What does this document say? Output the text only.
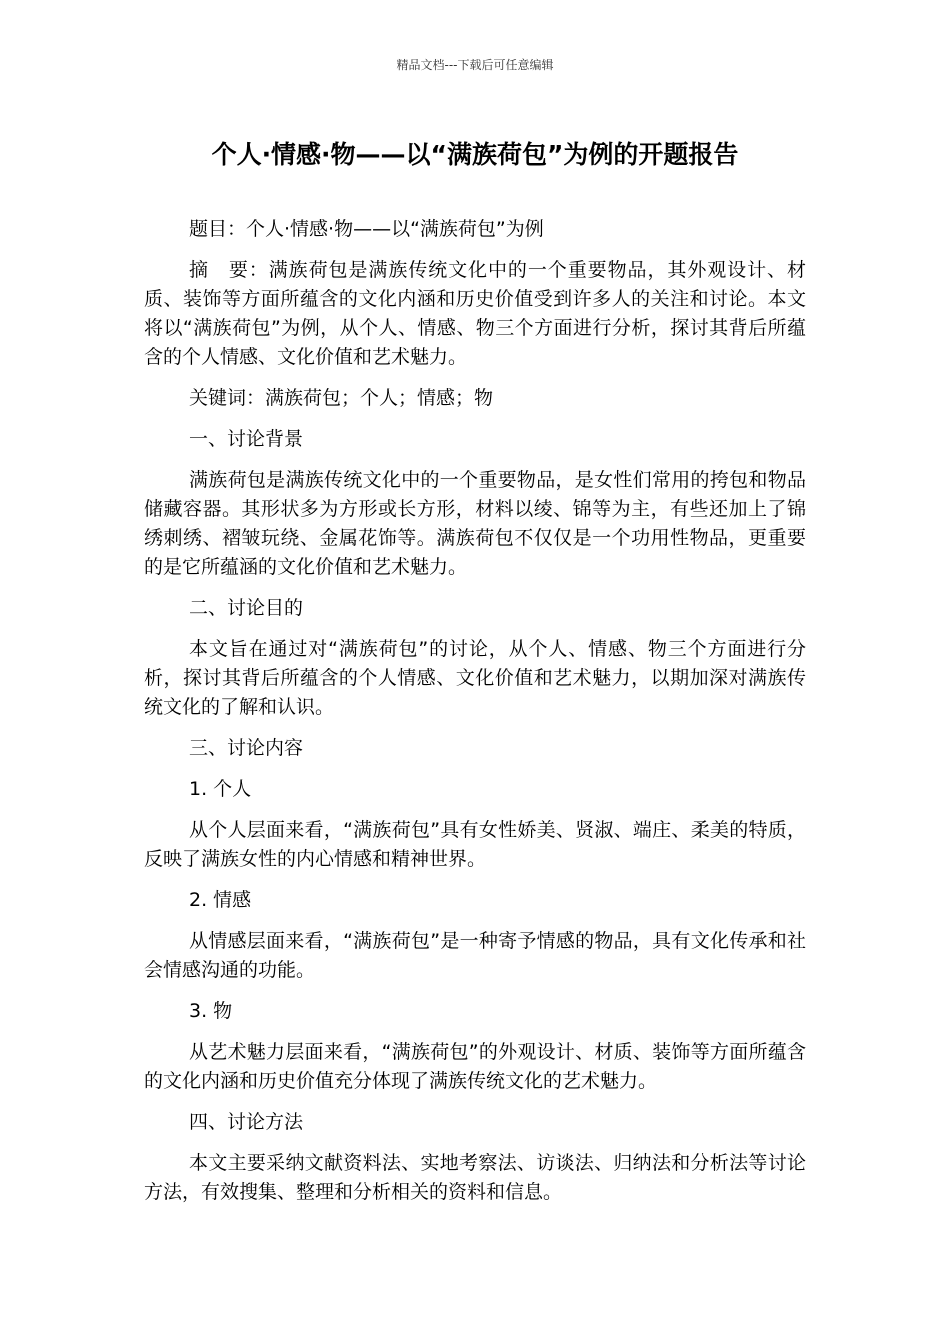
精品文档---下载后可任意编辑
个人·情感·物——以“满族荷包”为例的开题报告

题目：个人·情感·物——以“满族荷包”为例

摘　要：满族荷包是满族传统文化中的一个重要物品，其外观设计、材质、装饰等方面所蕴含的文化内涵和历史价值受到许多人的关注和讨论。本文将以“满族荷包”为例，从个人、情感、物三个方面进行分析，探讨其背后所蕴含的个人情感、文化价值和艺术魅力。

关键词：满族荷包；个人；情感；物

一、讨论背景

满族荷包是满族传统文化中的一个重要物品，是女性们常用的挎包和物品储藏容器。其形状多为方形或长方形，材料以绫、锦等为主，有些还加上了锦绣刺绣、褶皱玩绕、金属花饰等。满族荷包不仅仅是一个功用性物品，更重要的是它所蕴涵的文化价值和艺术魅力。

二、讨论目的

本文旨在通过对“满族荷包”的讨论，从个人、情感、物三个方面进行分析，探讨其背后所蕴含的个人情感、文化价值和艺术魅力，以期加深对满族传统文化的了解和认识。

三、讨论内容

1. 个人

从个人层面来看，“满族荷包”具有女性娇美、贤淑、端庄、柔美的特质，反映了满族女性的内心情感和精神世界。

2. 情感

从情感层面来看，“满族荷包”是一种寄予情感的物品，具有文化传承和社会情感沟通的功能。

3. 物

从艺术魅力层面来看，“满族荷包”的外观设计、材质、装饰等方面所蕴含的文化内涵和历史价值充分体现了满族传统文化的艺术魅力。

四、讨论方法

本文主要采纳文献资料法、实地考察法、访谈法、归纳法和分析法等讨论方法，有效搜集、整理和分析相关的资料和信息。
